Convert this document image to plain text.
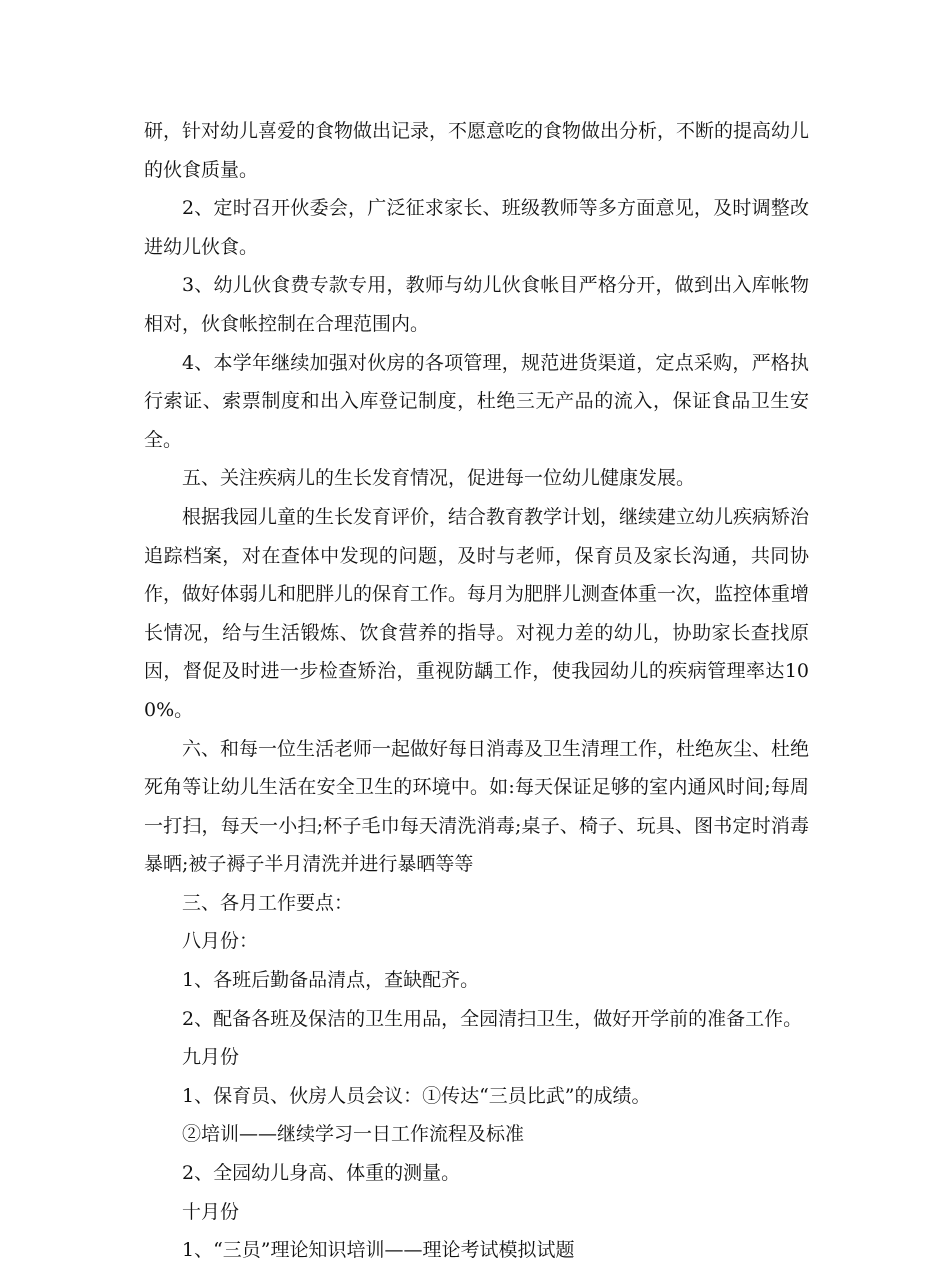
研，针对幼儿喜爱的食物做出记录，不愿意吃的食物做出分析，不断的提高幼儿的伙食质量。

2、定时召开伙委会，广泛征求家长、班级教师等多方面意见，及时调整改进幼儿伙食。

3、幼儿伙食费专款专用，教师与幼儿伙食帐目严格分开，做到出入库帐物相对，伙食帐控制在合理范围内。

4、本学年继续加强对伙房的各项管理，规范进货渠道，定点采购，严格执行索证、索票制度和出入库登记制度，杜绝三无产品的流入，保证食品卫生安全。

五、关注疾病儿的生长发育情况，促进每一位幼儿健康发展。

根据我园儿童的生长发育评价，结合教育教学计划，继续建立幼儿疾病矫治追踪档案，对在查体中发现的问题，及时与老师，保育员及家长沟通，共同协作，做好体弱儿和肥胖儿的保育工作。每月为肥胖儿测查体重一次，监控体重增长情况，给与生活锻炼、饮食营养的指导。对视力差的幼儿，协助家长查找原因，督促及时进一步检查矫治，重视防龋工作，使我园幼儿的疾病管理率达100%。

六、和每一位生活老师一起做好每日消毒及卫生清理工作，杜绝灰尘、杜绝死角等让幼儿生活在安全卫生的环境中。如:每天保证足够的室内通风时间;每周一打扫，每天一小扫;杯子毛巾每天清洗消毒;桌子、椅子、玩具、图书定时消毒暴晒;被子褥子半月清洗并进行暴晒等等

三、各月工作要点：

八月份：

1、各班后勤备品清点，查缺配齐。

2、配备各班及保洁的卫生用品，全园清扫卫生，做好开学前的准备工作。

九月份

1、保育员、伙房人员会议：①传达“三员比武”的成绩。

②培训——继续学习一日工作流程及标准

2、全园幼儿身高、体重的测量。

十月份

1、“三员”理论知识培训——理论考试模拟试题
